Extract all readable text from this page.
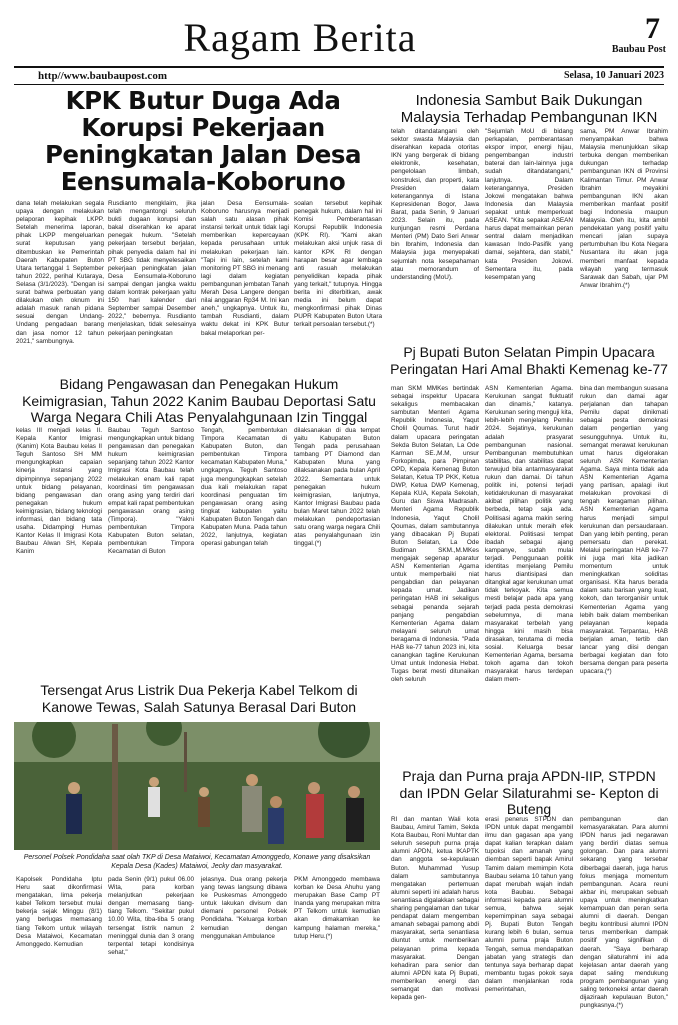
Ragam Berita	7
Baubau Post
http//www.baubaupost.com	Selasa, 10 Januari 2023
KPK Butur Duga Ada Korupsi Pekerjaan Peningkatan Jalan Desa Eensumala-Koboruno
dana telah melakukan segala upaya dengan melakukan pelaporan kepihak LKPP. Setelah menerima laporan, pihak LKPP mengeluarkan surat keputusan yang ditembuskan ke Pemerintah Daerah Kabupaten Buton Utara tertanggal 1 September tahun 2022, perihal Kutaraya, Selasa (3/1/2023). "Dengan isi surat bahwa perbuatan yang dilakukan oleh oknum ini adalah masuk ranah pidana sesuai dengan Undang-Undang pengadaan barang dan jasa nomor 12 tahun 2021," sambungnya.
Rusdianto mengklaim, jika telah mengantongi seluruh bukti dugaan korupsi dan bakal diserahkan ke aparat penegak hukum. "Setelah pekerjaan tersebut berjalan, pihak penyedia dalam hal ini PT SBG tidak menyelesaikan pekerjaan peningkatan jalan Desa Eensumala-Koboruno sampai dengan jangka waktu dalam kontrak pekerjaan yaitu 150 hari kalender dari September sampai Desember 2022," bebernya. Rusdianto menjelaskan, tidak selesainya pekerjaan peningkatan
jalan Desa Eensumala-Koboruno harusnya menjadi salah satu alasan pihak instansi terkait untuk tidak lagi memberikan kepercayaan kepada perusahaan untuk melakukan pekerjaan lain. "Tapi ini lain, setelah kami monitoring PT SBG ini menang lagi dalam kegiatan pembangunan jembatan Tanah Merah Desa Langere dengan nilai anggaran Rp34 M. Ini kan aneh," ungkapnya. Untuk itu, tambah Rusdianti, dalam waktu dekat ini KPK Butur bakal melaporkan per-
soalan tersebut kepihak penegak hukum, dalam hal ini Komisi Pemberantasan Korupsi Republik Indonesia (KPK RI). "Kami akan melakukan aksi unjuk rasa di kantor KPK RI dengan harapan besar agar lembaga anti rasuah melakukan penyelidikan kepada pihak yang terkait," tutupnya. Hingga berita ini diterbitkan, awak media ini belum dapat mengkonfirmasi pihak Dinas PUPR Kabupaten Buton Utara terkait persoalan tersebut.(*)
Indonesia Sambut Baik Dukungan Malaysia Terhadap Pembangunan IKN
telah ditandatangani oleh sektor swasta Malaysia dan diserahkan kepada otoritas IKN yang bergerak di bidang elektronik, kesehatan, pengelolaan limbah, konstruksi, dan properti, kata Presiden dalam keterangannya di Istana Kepresidenan Bogor, Jawa Barat, pada Senin, 9 Januari 2023. Selain itu, pada kunjungan resmi Perdana Menteri (PM) Dato Seri Anwar bin Ibrahim, Indonesia dan Malaysia juga menyepakati sejumlah nota kesepahaman atau memorandum of understanding (MoU).
"Sejumlah MoU di bidang perkapalan, pemberantasan ekspor impor, energi hijau, pengembangan industri baterai dan lain-lainnya juga sudah ditandatangani," lanjutnya. Dalam keterangannya, Presiden Jokowi mengatakan bahwa Indonesia dan Malaysia sepakat untuk memperkuat ASEAN. "Kita sepakat ASEAN harus dapat memainkan peran sentral dalam menjadikan kawasan Indo-Pasifik yang damai, sejahtera, dan stabil," kata Presiden Jokowi. Sementara itu, pada kesempatan yang
sama, PM Anwar Ibrahim menyampaikan bahwa Malaysia menunjukkan sikap terbuka dengan memberikan dukungan terhadap pembangunan IKN di Provinsi Kalimantan Timur. PM Anwar Ibrahim meyakini pembangunan IKN akan memberikan manfaat positif bagi Indonesia maupun Malaysia. Oleh itu, kita ambil pendekatan yang positif yaitu mencari jalan supaya pertumbuhan Ibu Kota Negara Nusantara itu akan juga memberi manfaat kepada wilayah yang termasuk Sarawak dan Sabah, ujar PM Anwar Ibrahim.(*)
Bidang Pengawasan dan Penegakan Hukum Keimigrasian, Tahun 2022 Kanim Baubau Deportasi Satu Warga Negara Chili Atas Penyalahgunaan Izin Tinggal
kelas III menjadi kelas II. Kepala Kantor Imigrasi (Kanim) Kota Baubau kelas II Teguh Santoso SH MM mengungkapkan capaian kinerja instansi yang dipimpinnya sepanjang 2022 untuk bidang pelayanan, bidang pengawasan dan penegakan hukum keimigrasian, bidang teknologi informasi, dan bidang tata usaha. Didampingi Humas Kantor Kelas II Imigrasi Kota Baubau Alwan SH, Kepala Kanim
Baubau Teguh Santoso mengungkapkan untuk bidang pengawasan dan penegakan hukum keimigrasian sepanjang tahun 2022 Kantor Imigrasi Kota Baubau telah melakukan enam kali rapat koordinasi tim pengawasan orang asing yang terdiri dari empat kali rapat pembentukan pengawasan orang asing (Timpora). "Yakni pembentukan Timpora Kabupaten Buton selatan, pembentukan Timpora Kecamatan di Buton
Tengah, pembentukan Timpora Kecamatan di Kabupaten Buton, dan pembentukan Timpora kecamatan Kabupaten Muna," ungkapnya. Teguh Santoso juga mengungkapkan setelah dua kali melakukan rapat koordinasi penguatan tim pengawasan orang asing tingkat kabupaten yaitu Kabupaten Buton Tengah dan Kabupaten Muna. Pada tahun 2022, lanjutnya, kegiatan operasi gabungan telah
dilaksanakan di dua tempat yaitu Kabupaten Buton Tengah pada perusahaan tambang PT Diamond dan Kabupaten Muna yang dilaksanakan pada bulan April 2022. Sementara untuk penegakan hukum keimigrasian, lanjutnya, Kantor Imigrasi Baubau pada bulan Maret tahun 2022 telah melakukan pendeportasian satu orang warga negara Chili atas penyalahgunaan izin tinggal.(*)
Pj Bupati Buton Selatan Pimpin Upacara Peringatan Hari Amal Bhakti Kemenag ke-77
man SKM MMKes bertindak sebagai inspektur Upacara sekaligus membacakan sambutan Menteri Agama Republik Indonesia, Yaqut Cholil Qoumas. Turut hadir dalam upacara peringatan Sekda Buton Selatan, La Ode Karman SE.,M.M, unsur Forkopimda, para Pimpinan OPD, Kepala Kemenag Buton Selatan, Ketua TP PKK, Ketua DWP, Ketua DWP Kemenag, Kepala KUA, Kepala Sekolah, Guru dan Siswa Madrasah. Menteri Agama Republik Indonesia, Yaqut Cholil Qoumas, dalam sambutannya yang dibacakan Pj Bupati Buton Selatan, La Ode Budiman SKM.,M.MKes mengajak segenap aparatur ASN Kementerian Agama untuk memperbaiki niat pengabdian dan pelayanan kepada umat. Jadikan peringatan HAB ini sekaligus sebagai penanda sejarah panjang pengabdian Kementerian Agama dalam melayani seluruh umat beragama di Indonesia. "Pada HAB ke-77 tahun 2023 ini, kita canangkan tagline Kerukunan Umat untuk Indonesia Hebat. Tugas berat mesti ditunaikan oleh seluruh
ASN Kementerian Agama. Kerukunan sangat fluktuatif dan dinamis," katanya. Kerukunan sering menguji kita, lebih-lebih menjelang Pemilu 2024. Sejatinya, kerukunan adalah prasyarat pembangunan nasional. Pembangunan membutuhkan stabilitas, dan stabilitas dapat terwujud bila antarmasyarakat rukun dan damai. Di tahun politik ini, potensi terjadi ketidakrukunan di masyarakat akibat pilihan politik yang berbeda, tetap saja ada. Politisasi agama makin sering dilakukan untuk meraih efek elektoral. Politisasi tempat ibadah sebagai ajang kampanye, sudah mulai terjadi. Penggunaan politik identitas menjelang Pemilu harus diantisipasi dan ditangkal agar kerukunan umat tidak terkoyak. Kita semua mesti belajar pada apa yang terjadi pada pesta demokrasi sebelumnya, di mana masyarakat terbelah yang hingga kini masih bisa dirasakan, terutama di media sosial. Keluarga besar Kementerian Agama, bersama tokoh agama dan tokoh masyarakat harus terdepan dalam mem-
bina dan membangun suasana rukun dan damai agar perjalanan dan tahapan Pemilu dapat dinikmati sebagai pesta demokrasi dalam pengertian yang sesungguhnya. Untuk itu, semangat merawat kerukunan umat harus digelorakan seluruh ASN Kementerian Agama. Saya minta tidak ada ASN Kementerian Agama yang partisan, apalagi ikut melakukan provokasi di tengah keragaman pilihan. ASN Kementerian Agama harus menjadi simpul kerukunan dan persaudaraan. Dan yang lebih penting, peran pemersatu dan perekat. Melalui peringatan HAB ke-77 ini juga mari kita jadikan momentum untuk meningkatkan soliditas organisasi. Kita harus berada dalam satu barisan yang kuat, kokoh, dan terorganisir untuk Kementerian Agama yang lebih baik dalam memberikan pelayanan kepada masyarakat. Terpantau, HAB berjalan aman, tertib dan lancar yang diisi dengan berbagai kegiatan dan foto bersama dengan para peserta upacara.(*)
Tersengat Arus Listrik Dua Pekerja Kabel Telkom di Kanowe Tewas, Salah Satunya Berasal Dari Buton
Personel Polsek Pondidaha saat olah TKP di Desa Mataiwoi, Kecamatan Amonggedo, Konawe yang disaksikan Kepala Desa (Kades) Mataiwoi, Jecky dan masyarakat.
Kapolsek Pondidaha Iptu Heru saat dikonfirmasi mengatakan, lima pekerja kabel Telkom tersebut mulai bekerja sejak Minggu (8/1) yang berlugas memasang tiang Telkom untuk wilayah Desa Mataiwoi, Kecamatan Amonggedo. Kemudian
pada Senin (9/1) pukul 06.00 Wita, para korban melanjutkan pekerjaan dengan memasang tiang-tiang Telkom. "Sekitar pukul 10.00 Wita, tiba-tiba 5 orang tersengat listrik namun 2 meninggal dunia dan 3 orang terpental tetapi kondisinya sehat,"
jelasnya. Dua orang pekerja yang tewas langsung dibawa ke Puskesmas Amonggedo untuk lakukan divisum dan diemani personel Polsek Pondidaha. "Keluarga korban kemudian dengan menggunakan Ambulance
PKM Amonggedo membawa korban ke Desa Ahuhu yang merupakan Base Camp PT Inanda yang merupakan mitra PT Telkom untuk kemudian akan dimakamkan ke kampung halaman mereka," tutup Heru.(*)
Praja dan Purna praja APDN-IIP, STPDN dan IPDN Gelar Silaturahmi se- Kepton di Buteng
RI dan mantan Wali kota Baubau, Amirul Tamim, Sekda Kota Baubau, Roni Muhtar dan seluruh sesepuh purna praja alumni APDN, ketua IKAPTK dan anggota se-kepulauan Buton. Muhammad Yusup dalam sambutannya mengatakan pertemuan alumni seperti ini adalah harus senantiasa digalakkan sebagai sharing pengalaman dan tukar pendapat dalam mengemban amanah sebagai pamong abdi masyarakat, serta senantiasa diuntut untuk memberikan pelayanan prima kepada masyarakat. Dengan kehadiran para senior dan alumni APDN kata Pj Bupati, memberikan energi dan semangat dan motivasi kepada gen-
erasi penerus STPDN dan IPDN untuk dapat mengambil ilmu dan gagasan apa yang dapat kalian terapkan dalam tupoksi dan amanah yang diemban seperti bapak Amirul Tamim dalam memimpin Kota Baubau selama 10 tahun yang dapat merubah wajah indah kota Baubau. Sebagai informasi kepada para alumni semua, bahwa sejak kepemimpinan saya sebagai Pj. Bupati Buton Tengah kurang lebih 6 bulan, semua alumni purna praja Buton Tengah, semua mendapatkan jabatan yang strategis dan tentunya saya berharap dapat membantu tugas pokok saya dalam menjalankan roda pemerintahan,
pembangunan dan kemasyarakatan. Para alumni IPDN harus jadi negarawan yang berdiri diatas semua golongan. Dan para alumni sekarang yang tersebar diberbagai daerah, juga harus fokus menjaga momentum pembangunan. Acara reuni akbar ini, merupakan sebuah upaya untuk meningkatkan kemampuan dan peran serta alumni di daerah. Dengan begitu kontribusi alumni IPDN terus memberikan dampak positif yang signifikan di daerah. "Saya berharap dengan silaturahmi ini ada kejelasan antar daerah yang dapat saling mendukung program pembangunan yang saling terkoneksi antar daerah dijaziraah kepulauan Buton," pungkasnya.(*)
